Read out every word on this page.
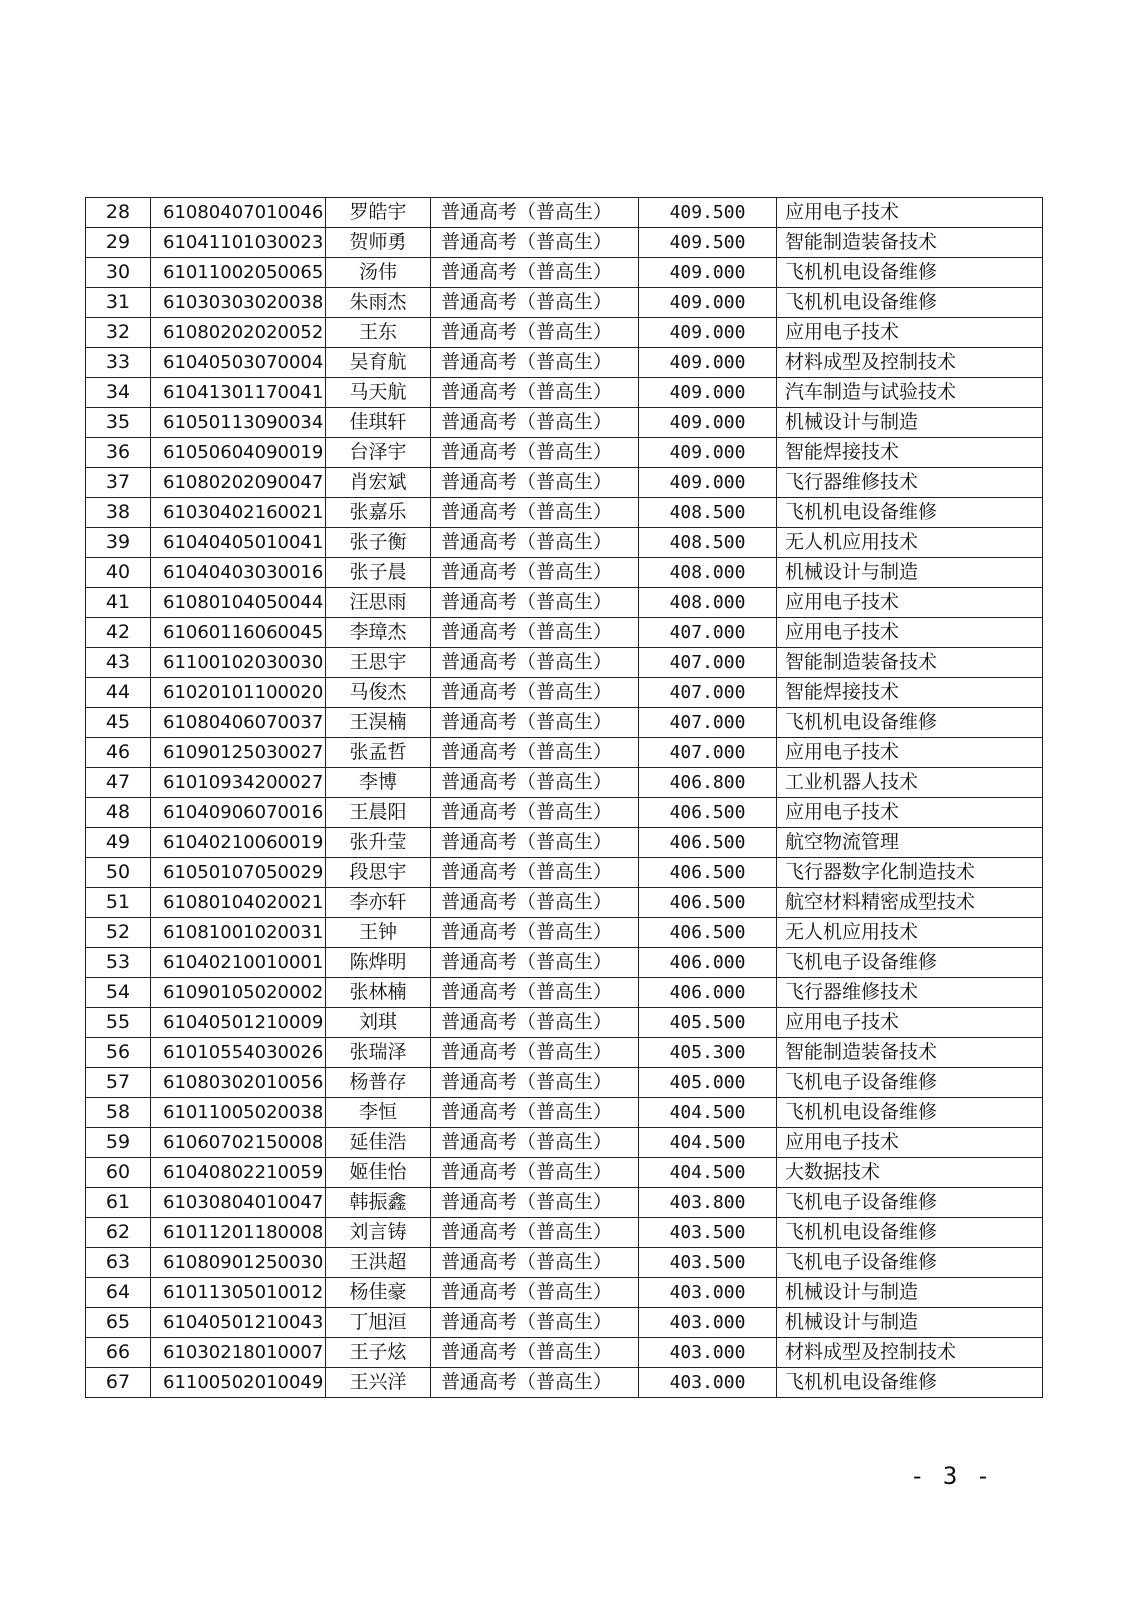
28	61080407010046	罗皓宇	普通高考（普高生）	409.500	应用电子技术
29	61041101030023	贺师勇	普通高考（普高生）	409.500	智能制造装备技术
30	61011002050065	汤伟	普通高考（普高生）	409.000	飞机机电设备维修
31	61030303020038	朱雨杰	普通高考（普高生）	409.000	飞机机电设备维修
32	61080202020052	王东	普通高考（普高生）	409.000	应用电子技术
33	61040503070004	吴育航	普通高考（普高生）	409.000	材料成型及控制技术
34	61041301170041	马天航	普通高考（普高生）	409.000	汽车制造与试验技术
35	61050113090034	佳琪轩	普通高考（普高生）	409.000	机械设计与制造
36	61050604090019	台泽宇	普通高考（普高生）	409.000	智能焊接技术
37	61080202090047	肖宏斌	普通高考（普高生）	409.000	飞行器维修技术
38	61030402160021	张嘉乐	普通高考（普高生）	408.500	飞机机电设备维修
39	61040405010041	张子衡	普通高考（普高生）	408.500	无人机应用技术
40	61040403030016	张子晨	普通高考（普高生）	408.000	机械设计与制造
41	61080104050044	汪思雨	普通高考（普高生）	408.000	应用电子技术
42	61060116060045	李璋杰	普通高考（普高生）	407.000	应用电子技术
43	61100102030030	王思宇	普通高考（普高生）	407.000	智能制造装备技术
44	61020101100020	马俊杰	普通高考（普高生）	407.000	智能焊接技术
45	61080406070037	王淏楠	普通高考（普高生）	407.000	飞机机电设备维修
46	61090125030027	张孟哲	普通高考（普高生）	407.000	应用电子技术
47	61010934200027	李博	普通高考（普高生）	406.800	工业机器人技术
48	61040906070016	王晨阳	普通高考（普高生）	406.500	应用电子技术
49	61040210060019	张升莹	普通高考（普高生）	406.500	航空物流管理
50	61050107050029	段思宇	普通高考（普高生）	406.500	飞行器数字化制造技术
51	61080104020021	李亦轩	普通高考（普高生）	406.500	航空材料精密成型技术
52	61081001020031	王钟	普通高考（普高生）	406.500	无人机应用技术
53	61040210010001	陈烨明	普通高考（普高生）	406.000	飞机电子设备维修
54	61090105020002	张林楠	普通高考（普高生）	406.000	飞行器维修技术
55	61040501210009	刘琪	普通高考（普高生）	405.500	应用电子技术
56	61010554030026	张瑞泽	普通高考（普高生）	405.300	智能制造装备技术
57	61080302010056	杨普存	普通高考（普高生）	405.000	飞机电子设备维修
58	61011005020038	李恒	普通高考（普高生）	404.500	飞机机电设备维修
59	61060702150008	延佳浩	普通高考（普高生）	404.500	应用电子技术
60	61040802210059	姬佳怡	普通高考（普高生）	404.500	大数据技术
61	61030804010047	韩振鑫	普通高考（普高生）	403.800	飞机电子设备维修
62	61011201180008	刘言铸	普通高考（普高生）	403.500	飞机机电设备维修
63	61080901250030	王洪超	普通高考（普高生）	403.500	飞机电子设备维修
64	61011305010012	杨佳豪	普通高考（普高生）	403.000	机械设计与制造
65	61040501210043	丁旭洹	普通高考（普高生）	403.000	机械设计与制造
66	61030218010007	王子炫	普通高考（普高生）	403.000	材料成型及控制技术
67	61100502010049	王兴洋	普通高考（普高生）	403.000	飞机机电设备维修
- 3 -
